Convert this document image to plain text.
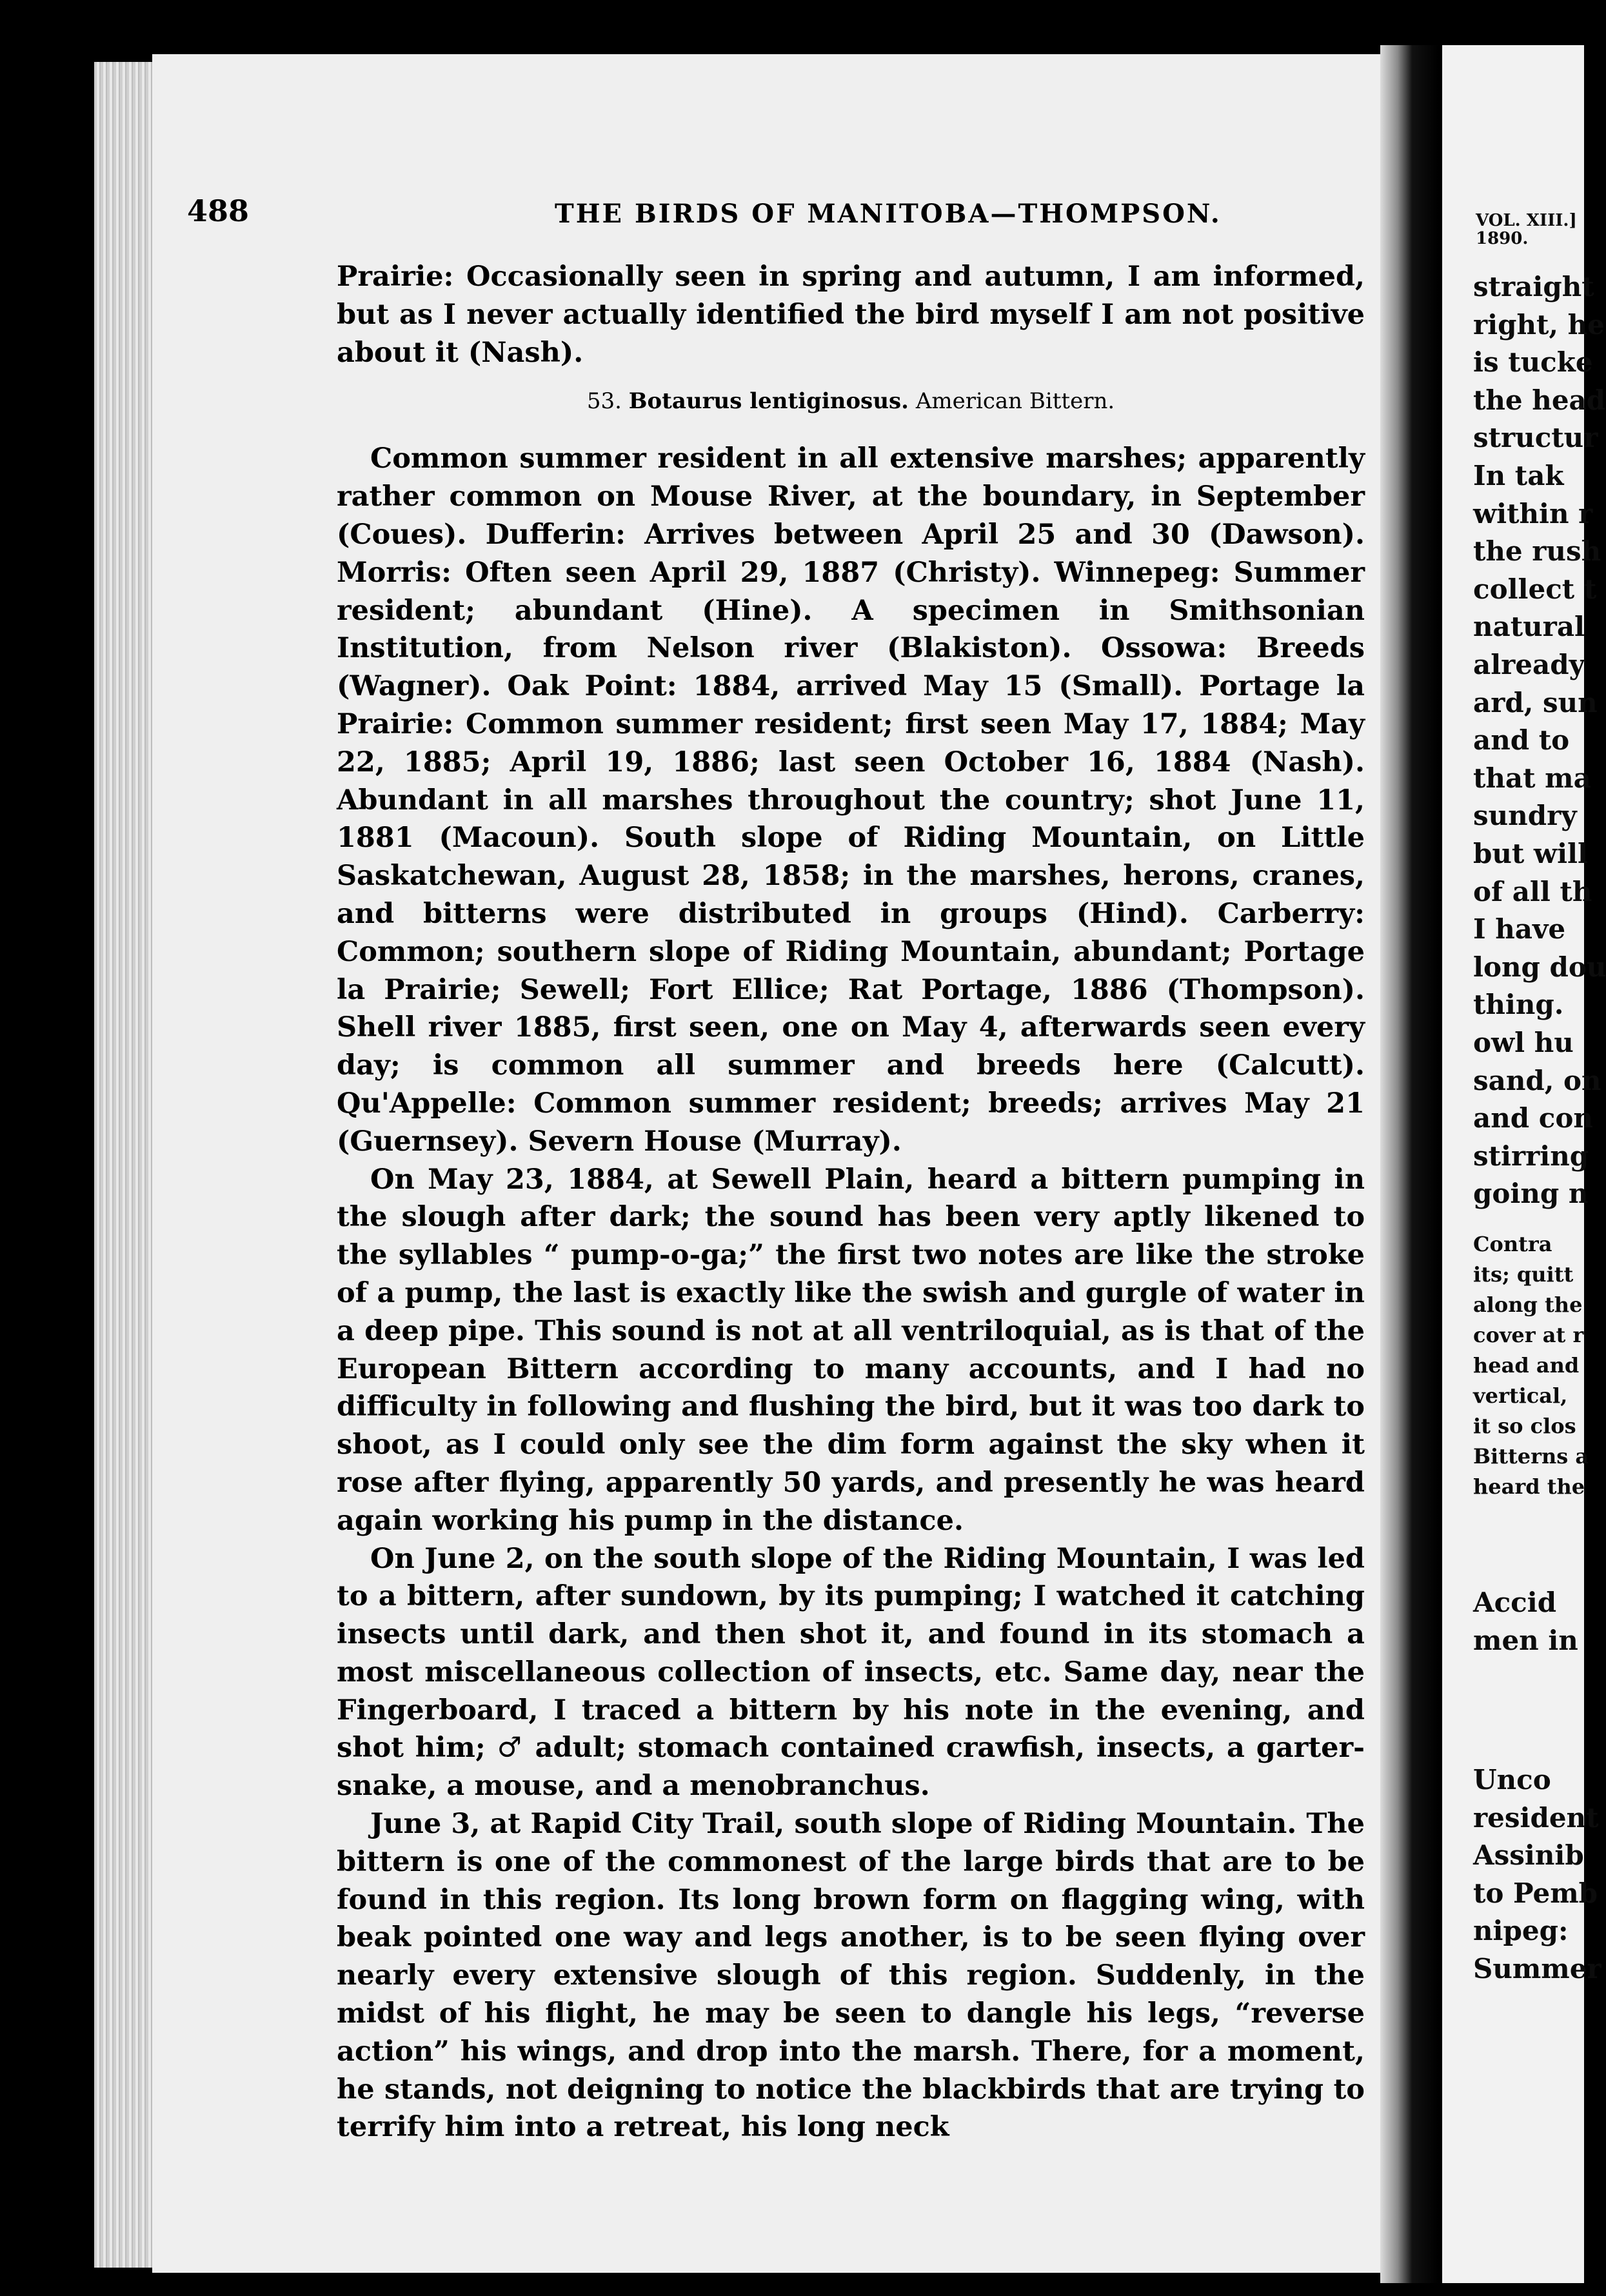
488	THE BIRDS OF MANITOBA—THOMPSON.

Prairie: Occasionally seen in spring and autumn, I am informed, but as I never actually identified the bird myself I am not positive about it (Nash).

53. Botaurus lentiginosus. American Bittern.

Common summer resident in all extensive marshes; apparently rather common on Mouse River, at the boundary, in September (Coues). Dufferin: Arrives between April 25 and 30 (Dawson). Morris: Often seen April 29, 1887 (Christy). Winnepeg: Summer resident; abundant (Hine). A specimen in Smithsonian Institution, from Nelson river (Blakiston). Ossowa: Breeds (Wagner). Oak Point: 1884, arrived May 15 (Small). Portage la Prairie: Common summer resident; first seen May 17, 1884; May 22, 1885; April 19, 1886; last seen October 16, 1884 (Nash). Abundant in all marshes throughout the country; shot June 11, 1881 (Macoun). South slope of Riding Mountain, on Little Saskatchewan, August 28, 1858; in the marshes, herons, cranes, and bitterns were distributed in groups (Hind). Carberry: Common; southern slope of Riding Mountain, abundant; Portage la Prairie; Sewell; Fort Ellice; Rat Portage, 1886 (Thompson). Shell river 1885, first seen, one on May 4, afterwards seen every day; is common all summer and breeds here (Calcutt). Qu'Appelle: Common summer resident; breeds; arrives May 21 (Guernsey). Severn House (Murray).

On May 23, 1884, at Sewell Plain, heard a bittern pumping in the slough after dark; the sound has been very aptly likened to the syllables “ pump-o-ga;” the first two notes are like the stroke of a pump, the last is exactly like the swish and gurgle of water in a deep pipe. This sound is not at all ventriloquial, as is that of the European Bittern according to many accounts, and I had no difficulty in following and flushing the bird, but it was too dark to shoot, as I could only see the dim form against the sky when it rose after flying, apparently 50 yards, and presently he was heard again working his pump in the distance.

On June 2, on the south slope of the Riding Mountain, I was led to a bittern, after sundown, by its pumping; I watched it catching insects until dark, and then shot it, and found in its stomach a most miscellaneous collection of insects, etc. Same day, near the Fingerboard, I traced a bittern by his note in the evening, and shot him; ♂ adult; stomach contained crawfish, insects, a garter-snake, a mouse, and a menobranchus.

June 3, at Rapid City Trail, south slope of Riding Mountain. The bittern is one of the commonest of the large birds that are to be found in this region. Its long brown form on flagging wing, with beak pointed one way and legs another, is to be seen flying over nearly every extensive slough of this region. Suddenly, in the midst of his flight, he may be seen to dangle his legs, “reverse action” his wings, and drop into the marsh. There, for a moment, he stands, not deigning to notice the blackbirds that are trying to terrify him into a retreat, his long neck

VOL. XIII.]
1890.
straight
right, he
is tucke
the head
structur
In tak
within r
the rush
collect t
natural
already
ard, sun
and to
that ma
sundry
but will
of all th
I have
long dou
thing.
owl hu
sand, on
and con
stirring
going n
Contra
its; quitt
along the
cover at r
head and
vertical,
it so clos
Bitterns a
heard the
Accid
men in
Unco
resident
Assinib
to Pemb
nipeg:
Summer
